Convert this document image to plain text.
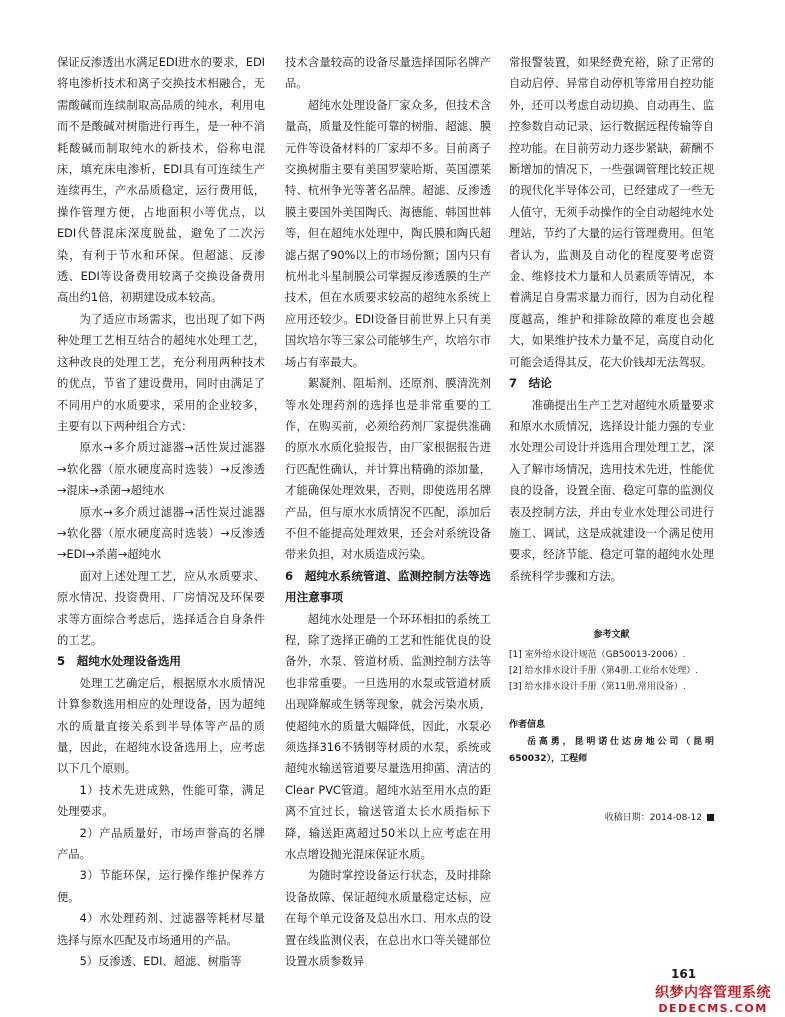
保证反渗透出水满足EDI进水的要求，EDI将电渗析技术和离子交换技术相融合，无需酸碱而连续制取高品质的纯水，利用电而不是酸碱对树脂进行再生，是一种不消耗酸碱而制取纯水的新技术，俗称电混床，填充床电渗析，EDI具有可连续生产连续再生，产水品质稳定，运行费用低，操作管理方便，占地面积小等优点，以EDI代替混床深度脱盐，避免了二次污染，有利于节水和环保。但超滤、反渗透、EDI等设备费用较离子交换设备费用高出约1倍，初期建设成本较高。

为了适应市场需求，也出现了如下两种处理工艺相互结合的超纯水处理工艺，这种改良的处理工艺，充分利用两种技术的优点，节省了建设费用，同时由满足了不同用户的水质要求，采用的企业较多，主要有以下两种组合方式：

原水→多介质过滤器→活性炭过滤器→软化器（原水硬度高时选装）→反渗透→混床→杀菌→超纯水

原水→多介质过滤器→活性炭过滤器→软化器（原水硬度高时选装）→反渗透→EDI→杀菌→超纯水

面对上述处理工艺，应从水质要求、原水情况、投资费用、厂房情况及环保要求等方面综合考虑后，选择适合自身条件的工艺。

5　超纯水处理设备选用

处理工艺确定后，根据原水水质情况计算参数选用相应的处理设备，因为超纯水的质量直接关系到半导体等产品的质量，因此，在超纯水设备选用上，应考虑以下几个原则。

1）技术先进成熟，性能可靠，满足处理要求。

2）产品质量好，市场声誉高的名牌产品。

3）节能环保，运行操作维护保养方便。

4）水处理药剂、过滤器等耗材尽量选择与原水匹配及市场通用的产品。

5）反渗透、EDI、超滤、树脂等

技术含量较高的设备尽量选择国际名牌产品。

超纯水处理设备厂家众多，但技术含量高，质量及性能可靠的树脂、超滤、膜元件等设备材料的厂家却不多。目前离子交换树脂主要有美国罗蒙哈斯、英国漂莱特、杭州争光等著名品牌。超滤、反渗透膜主要国外美国陶氏、海德能、韩国世韩等，但在超纯水处理中，陶氏膜和陶氏超滤占据了90%以上的市场份额；国内只有杭州北斗星制膜公司掌握反渗透膜的生产技术，但在水质要求较高的超纯水系统上应用还较少。EDI设备目前世界上只有美国坎培尔等三家公司能够生产，坎培尔市场占有率最大。

絮凝剂、阻垢剂、还原剂、膜清洗剂等水处理药剂的选择也是非常重要的工作，在购买前，必须给药剂厂家提供准确的原水水质化验报告，由厂家根据报告进行匹配性确认，并计算出精确的添加量，才能确保处理效果，否则，即使选用名牌产品，但与原水水质情况不匹配，添加后不但不能提高处理效果，还会对系统设备带来负担，对水质造成污染。

6　超纯水系统管道、监测控制方法等选用注意事项

超纯水处理是一个环环相扣的系统工程，除了选择正确的工艺和性能优良的设备外，水泵、管道材质、监测控制方法等也非常重要。一旦选用的水泵或管道材质出现降解或生锈等现象，就会污染水质，使超纯水的质量大幅降低，因此，水泵必须选择316不锈钢等材质的水泵，系统或超纯水输送管道要尽量选用抑菌、清洁的Clear PVC管道。超纯水站至用水点的距离不宜过长，输送管道太长水质指标下降，输送距离超过50米以上应考虑在用水点增设抛光混床保证水质。

为随时掌控设备运行状态，及时排除设备故障、保证超纯水质量稳定达标，应在每个单元设备及总出水口、用水点的设置在线监测仪表，在总出水口等关键部位设置水质参数异

常报警装置，如果经费充裕，除了正常的自动启停、异常自动停机等常用自控功能外，还可以考虑自动切换、自动再生、监控参数自动记录、运行数据远程传输等自控功能。在目前劳动力逐步紧缺，薪酬不断增加的情况下，一些强调管理比较正规的现代化半导体公司，已经建成了一些无人值守，无须手动操作的全自动超纯水处理站，节约了大量的运行管理费用。但笔者认为，监测及自动化的程度要考虑资金、维修技术力量和人员素质等情况，本着满足自身需求量力而行，因为自动化程度越高，维护和排除故障的难度也会越大，如果维护技术力量不足，高度自动化可能会适得其反，花大价钱却无法驾驭。

7　结论

准确提出生产工艺对超纯水质量要求和原水水质情况，选择设计能力强的专业水处理公司设计并选用合理处理工艺，深入了解市场情况，选用技术先进，性能优良的设备，设置全面、稳定可靠的监测仪表及控制方法，并由专业水处理公司进行施工、调试，这是成就建设一个满足使用要求，经济节能、稳定可靠的超纯水处理系统科学步骤和方法。

参考文献
[1] 室外给水设计规范（GB50013-2006）.
[2] 给水排水设计手册（第4册.工业给水处理）.
[3] 给水排水设计手册（第11册.常用设备）.
作者信息
岳高勇，昆明诺仕达房地公司（昆明650032），工程师
收稿日期：2014-08-12
161
织梦内容管理系统
DEDECMS.COM
